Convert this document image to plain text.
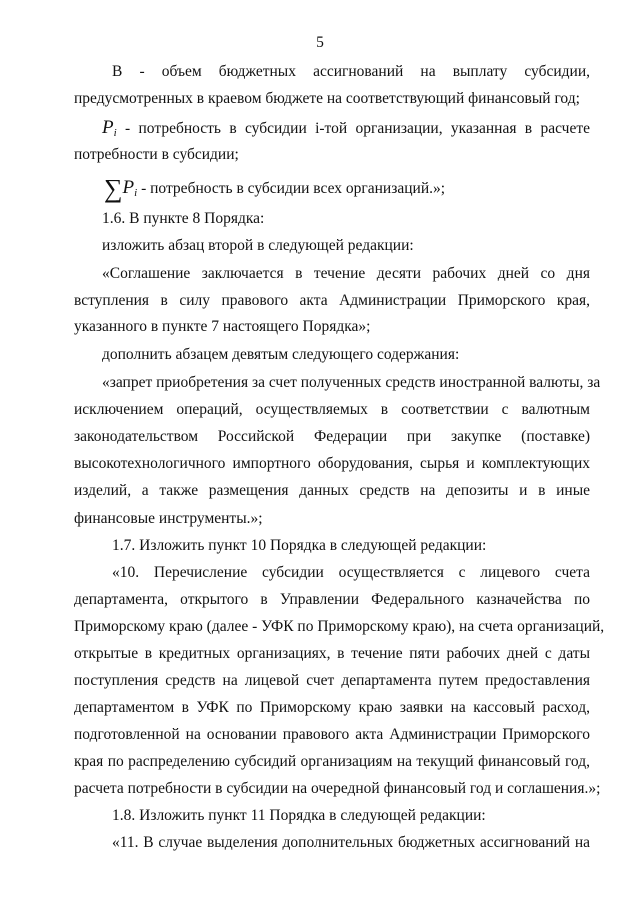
5
В - объем бюджетных ассигнований на выплату субсидии,
предусмотренных в краевом бюджете на соответствующий финансовый год;
$P_i$ - потребность в субсидии i-той организации, указанная в расчете
потребности в субсидии;
$\sum P_i$ - потребность в субсидии всех организаций.»;
1.6. В пункте 8 Порядка:
изложить абзац второй в следующей редакции:
«Соглашение заключается в течение десяти рабочих дней со дня
вступления в силу правового акта Администрации Приморского края,
указанного в пункте 7 настоящего Порядка»;
дополнить абзацем девятым следующего содержания:
«запрет приобретения за счет полученных средств иностранной валюты, за
исключением операций, осуществляемых в соответствии с валютным
законодательством Российской Федерации при закупке (поставке)
высокотехнологичного импортного оборудования, сырья и комплектующих
изделий, а также размещения данных средств на депозиты и в иные
финансовые инструменты.»;
1.7. Изложить пункт 10 Порядка в следующей редакции:
«10. Перечисление субсидии осуществляется с лицевого счета
департамента, открытого в Управлении Федерального казначейства по
Приморскому краю (далее - УФК по Приморскому краю), на счета организаций,
открытые в кредитных организациях, в течение пяти рабочих дней с даты
поступления средств на лицевой счет департамента путем предоставления
департаментом в УФК по Приморскому краю заявки на кассовый расход,
подготовленной на основании правового акта Администрации Приморского
края по распределению субсидий организациям на текущий финансовый год,
расчета потребности в субсидии на очередной финансовый год и соглашения.»;
1.8. Изложить пункт 11 Порядка в следующей редакции:
«11. В случае выделения дополнительных бюджетных ассигнований на
